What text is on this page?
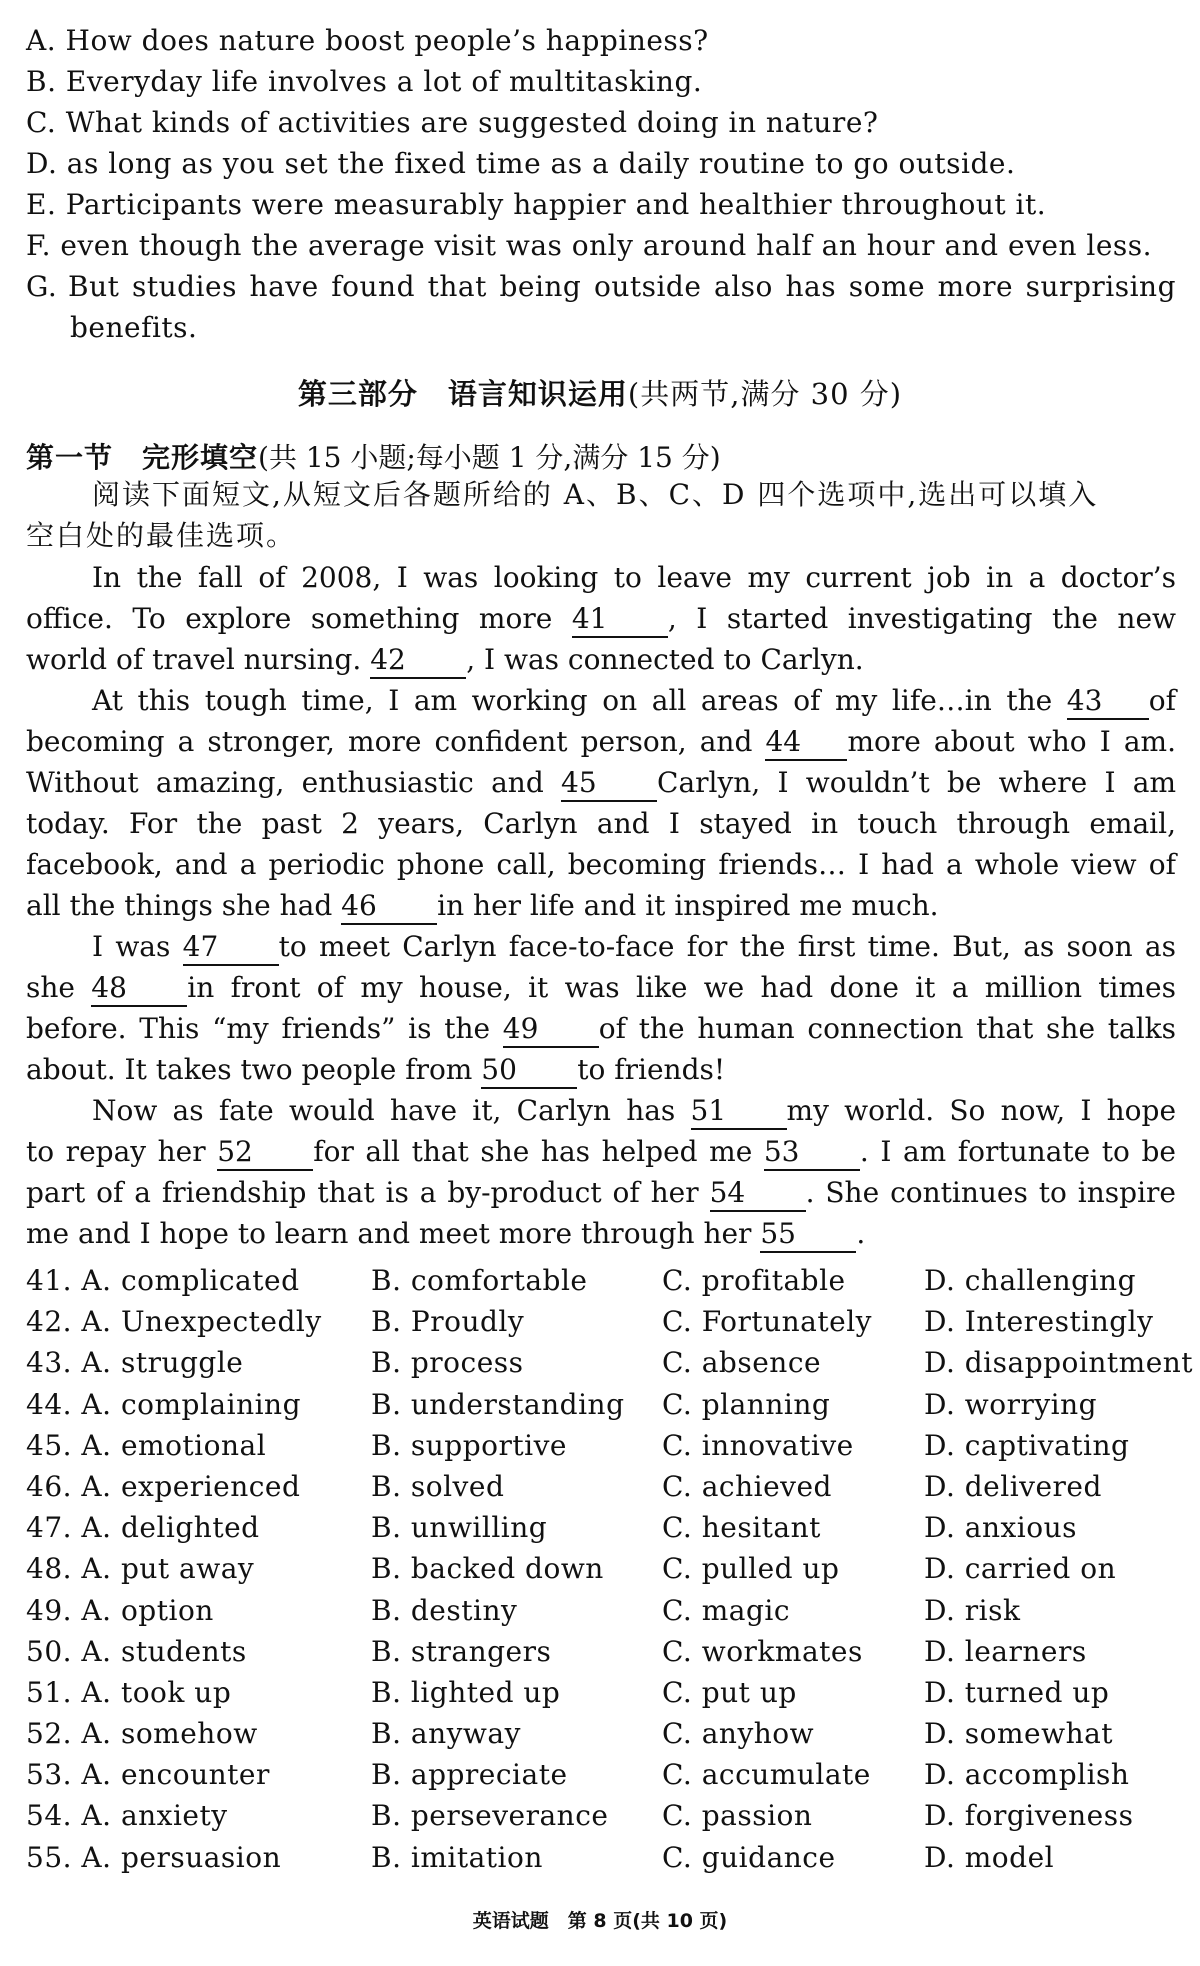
A. How does nature boost people’s happiness?
B. Everyday life involves a lot of multitasking.
C. What kinds of activities are suggested doing in nature?
D. as long as you set the fixed time as a daily routine to go outside.
E. Participants were measurably happier and healthier throughout it.
F. even though the average visit was only around half an hour and even less.
G. But studies have found that being outside also has some more surprising
benefits.
第三部分　语言知识运用(共两节,满分 30 分)
第一节　完形填空(共 15 小题;每小题 1 分,满分 15 分)
阅读下面短文,从短文后各题所给的 A、B、C、D 四个选项中,选出可以填入
空白处的最佳选项。
In the fall of 2008, I was looking to leave my current job in a doctor’s
office. To explore something more 41 , I started investigating the new
world of travel nursing. 42 , I was connected to Carlyn.
At this tough time, I am working on all areas of my life…in the 43 of
becoming a stronger, more confident person, and 44 more about who I am.
Without amazing, enthusiastic and 45 Carlyn, I wouldn’t be where I am
today. For the past 2 years, Carlyn and I stayed in touch through email,
facebook, and a periodic phone call, becoming friends… I had a whole view of
all the things she had 46 in her life and it inspired me much.
I was 47 to meet Carlyn face-to-face for the first time. But, as soon as
she 48 in front of my house, it was like we had done it a million times
before. This “my friends” is the 49 of the human connection that she talks
about. It takes two people from 50 to friends!
Now as fate would have it, Carlyn has 51 my world. So now, I hope
to repay her 52 for all that she has helped me 53 . I am fortunate to be
part of a friendship that is a by-product of her 54 . She continues to inspire
me and I hope to learn and meet more through her 55 .
41. A. complicated	B. comfortable	C. profitable	D. challenging
42. A. Unexpectedly B. Proudly	C. Fortunately D. Interestingly
43. A. struggle	B. process	C. absence	D. disappointment
44. A. complaining B. understanding C. planning	D. worrying
45. A. emotional	B. supportive	C. innovative	D. captivating
46. A. experienced	B. solved	C. achieved	D. delivered
47. A. delighted	B. unwilling	C. hesitant	D. anxious
48. A. put away	B. backed down C. pulled up	D. carried on
49. A. option	B. destiny	C. magic	D. risk
50. A. students	B. strangers	C. workmates D. learners
51. A. took up	B. lighted up	C. put up	D. turned up
52. A. somehow	B. anyway	C. anyhow	D. somewhat
53. A. encounter	B. appreciate	C. accumulate D. accomplish
54. A. anxiety	B. perseverance C. passion	D. forgiveness
55. A. persuasion	B. imitation	C. guidance	D. model
英语试题　第 8 页(共 10 页)
